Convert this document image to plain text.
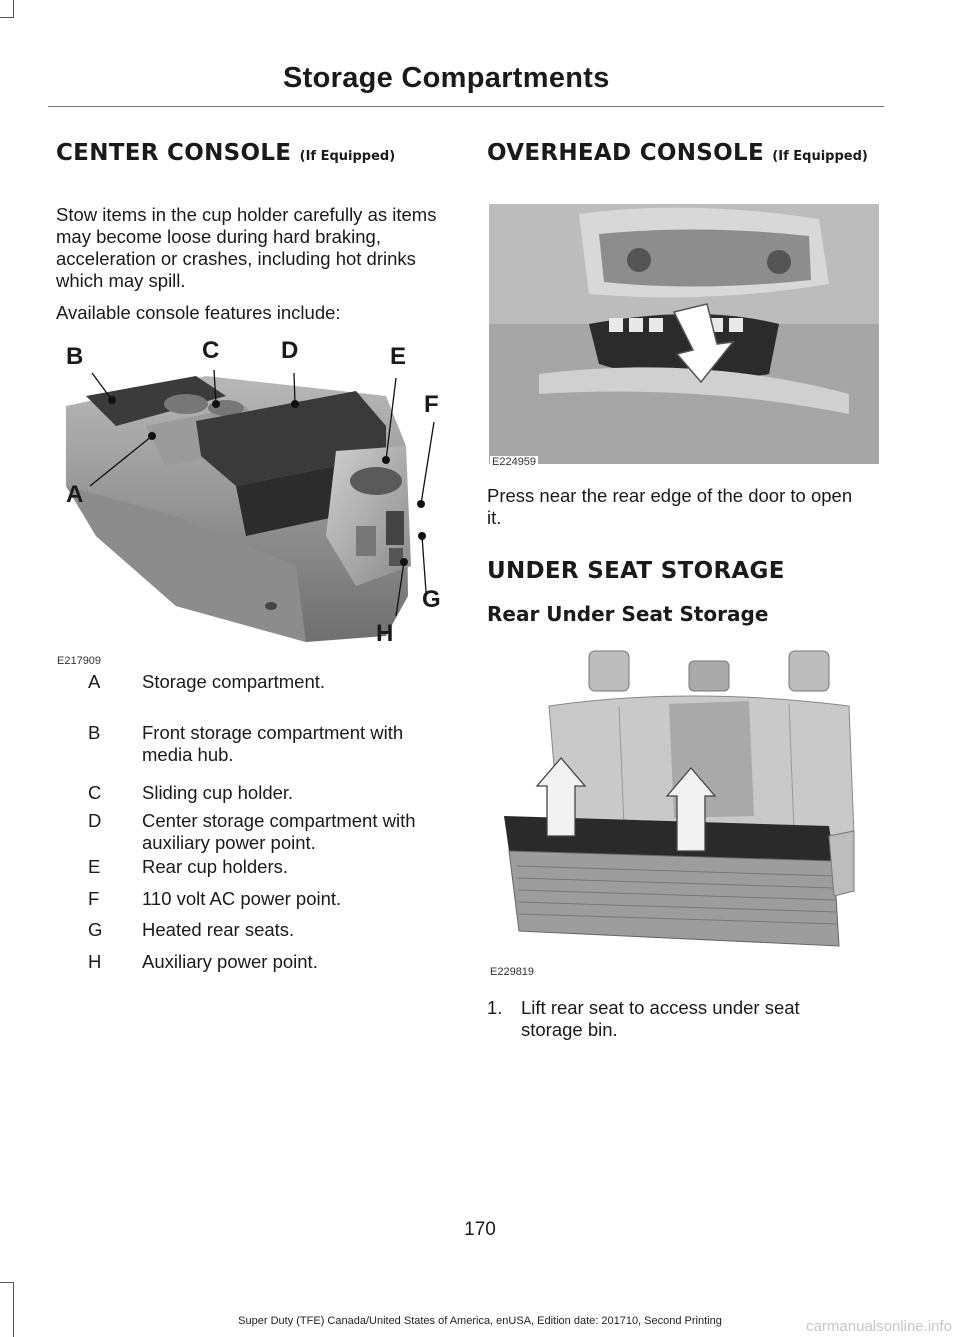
Storage Compartments
CENTER CONSOLE (If Equipped)

Stow items in the cup holder carefully as items may become loose during hard braking, acceleration or crashes, including hot drinks which may spill.

Available console features include:

A
B	C	D	E
F
G
H
E217909
A	Storage compartment.
B	Front storage compartment with media hub.
C	Sliding cup holder.
D	Center storage compartment with auxiliary power point.
E	Rear cup holders.
F	110 volt AC power point.
G	Heated rear seats.
H	Auxiliary power point.
OVERHEAD CONSOLE (If Equipped)
E224959

Press near the rear edge of the door to open it.

UNDER SEAT STORAGE
Rear Under Seat Storage
E229819
1. Lift rear seat to access under seat storage bin.
170
Super Duty (TFE) Canada/United States of America, enUSA, Edition date: 201710, Second Printing	carmanualsonline.info
